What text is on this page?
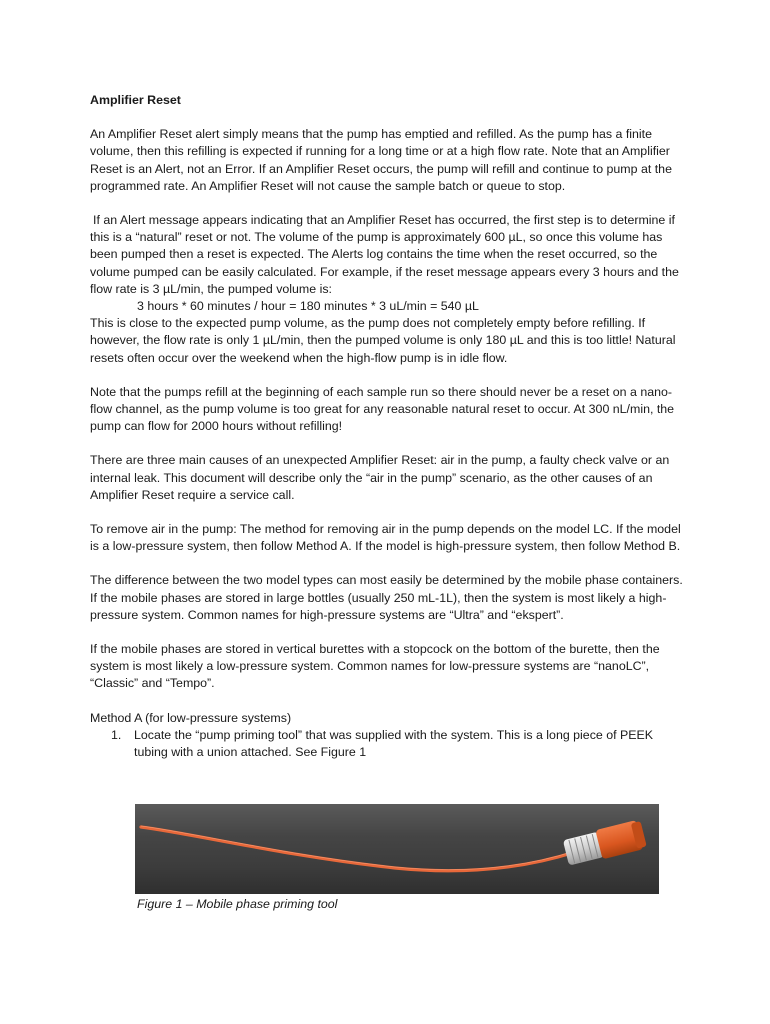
Amplifier Reset

An Amplifier Reset alert simply means that the pump has emptied and refilled. As the pump has a finite volume, then this refilling is expected if running for a long time or at a high flow rate. Note that an Amplifier Reset is an Alert, not an Error. If an Amplifier Reset occurs, the pump will refill and continue to pump at the programmed rate. An Amplifier Reset will not cause the sample batch or queue to stop.

If an Alert message appears indicating that an Amplifier Reset has occurred, the first step is to determine if this is a “natural” reset or not. The volume of the pump is approximately 600 µL, so once this volume has been pumped then a reset is expected. The Alerts log contains the time when the reset occurred, so the volume pumped can be easily calculated. For example, if the reset message appears every 3 hours and the flow rate is 3 µL/min, the pumped volume is:
3 hours * 60 minutes / hour = 180 minutes * 3 uL/min = 540 µL

This is close to the expected pump volume, as the pump does not completely empty before refilling. If however, the flow rate is only 1 µL/min, then the pumped volume is only 180 µL and this is too little! Natural resets often occur over the weekend when the high-flow pump is in idle flow.

Note that the pumps refill at the beginning of each sample run so there should never be a reset on a nano-flow channel, as the pump volume is too great for any reasonable natural reset to occur. At 300 nL/min, the pump can flow for 2000 hours without refilling!

There are three main causes of an unexpected Amplifier Reset: air in the pump, a faulty check valve or an internal leak. This document will describe only the “air in the pump” scenario, as the other causes of an Amplifier Reset require a service call.

To remove air in the pump: The method for removing air in the pump depends on the model LC. If the model is a low-pressure system, then follow Method A. If the model is high-pressure system, then follow Method B.

The difference between the two model types can most easily be determined by the mobile phase containers. If the mobile phases are stored in large bottles (usually 250 mL-1L), then the system is most likely a high-pressure system. Common names for high-pressure systems are “Ultra” and “ekspert”.

If the mobile phases are stored in vertical burettes with a stopcock on the bottom of the burette, then the system is most likely a low-pressure system. Common names for low-pressure systems are “nanoLC”, “Classic” and “Tempo”.

Method A (for low-pressure systems)
1.	Locate the “pump priming tool” that was supplied with the system. This is a long piece of PEEK tubing with a union attached. See Figure 1
Figure 1 – Mobile phase priming tool
